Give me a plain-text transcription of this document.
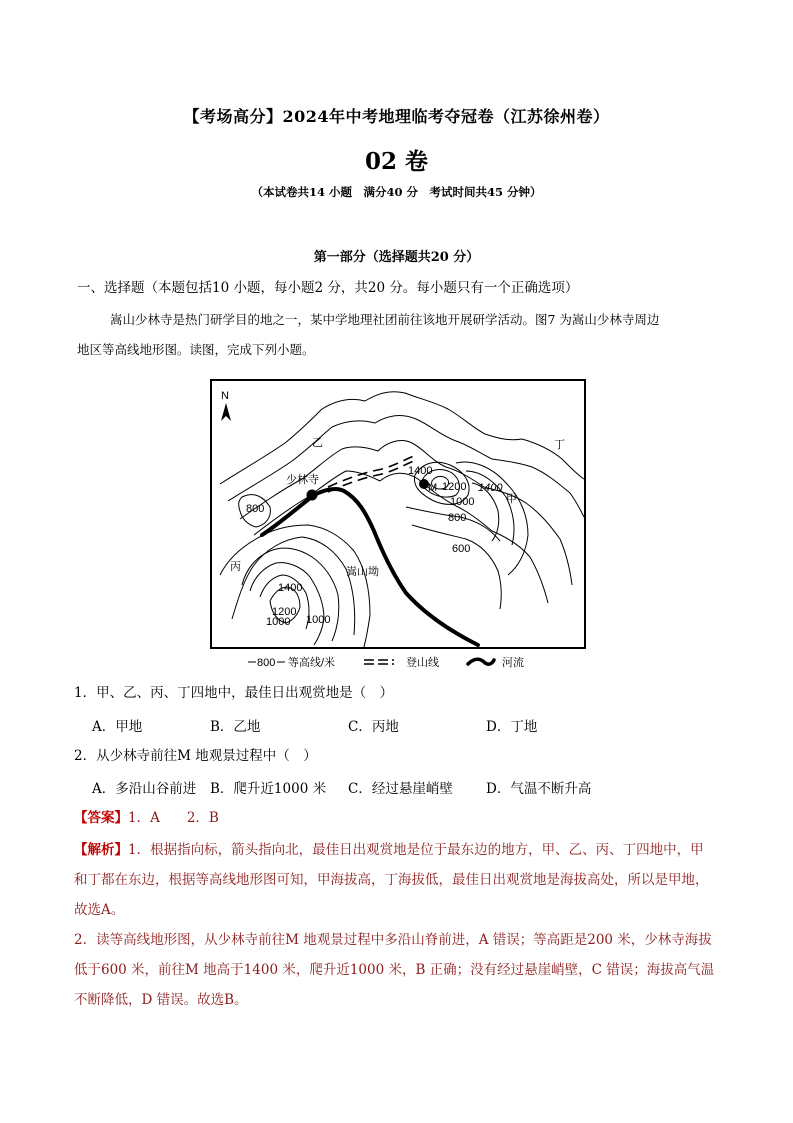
【考场高分】2024年中考地理临考夺冠卷（江苏徐州卷）
02 卷
（本试卷共14 小题　满分40 分　考试时间共45 分钟）
第一部分（选择题共20 分）
一、选择题（本题包括10 小题，每小题2 分，共20 分。每小题只有一个正确选项）
嵩山少林寺是热门研学目的地之一，某中学地理社团前往该地开展研学活动。图7 为嵩山少林寺周边
地区等高线地形图。读图，完成下列小题。
N
乙
甲
丙
丁
少林寺
嵩山坳
M
800
800
600
1000
1000 1000
1200
1200
1400
1400
1400
800 等高线/米	登山线	河流
1．甲、乙、丙、丁四地中，最佳日出观赏地是（　）
A．甲地	B．乙地	C．丙地	D．丁地
2．从少林寺前往M 地观景过程中（　）
A．多沿山谷前进 B．爬升近1000 米 C．经过悬崖峭壁 D．气温不断升高
【答案】1．A　　2．B
【解析】1．根据指向标，箭头指向北，最佳日出观赏地是位于最东边的地方，甲、乙、丙、丁四地中，甲
和丁都在东边，根据等高线地形图可知，甲海拔高，丁海拔低，最佳日出观赏地是海拔高处，所以是甲地，
故选A。
2．读等高线地形图，从少林寺前往M 地观景过程中多沿山脊前进，A 错误；等高距是200 米，少林寺海拔
低于600 米，前往M 地高于1400 米，爬升近1000 米，B 正确；没有经过悬崖峭壁，C 错误；海拔高气温
不断降低，D 错误。故选B。
